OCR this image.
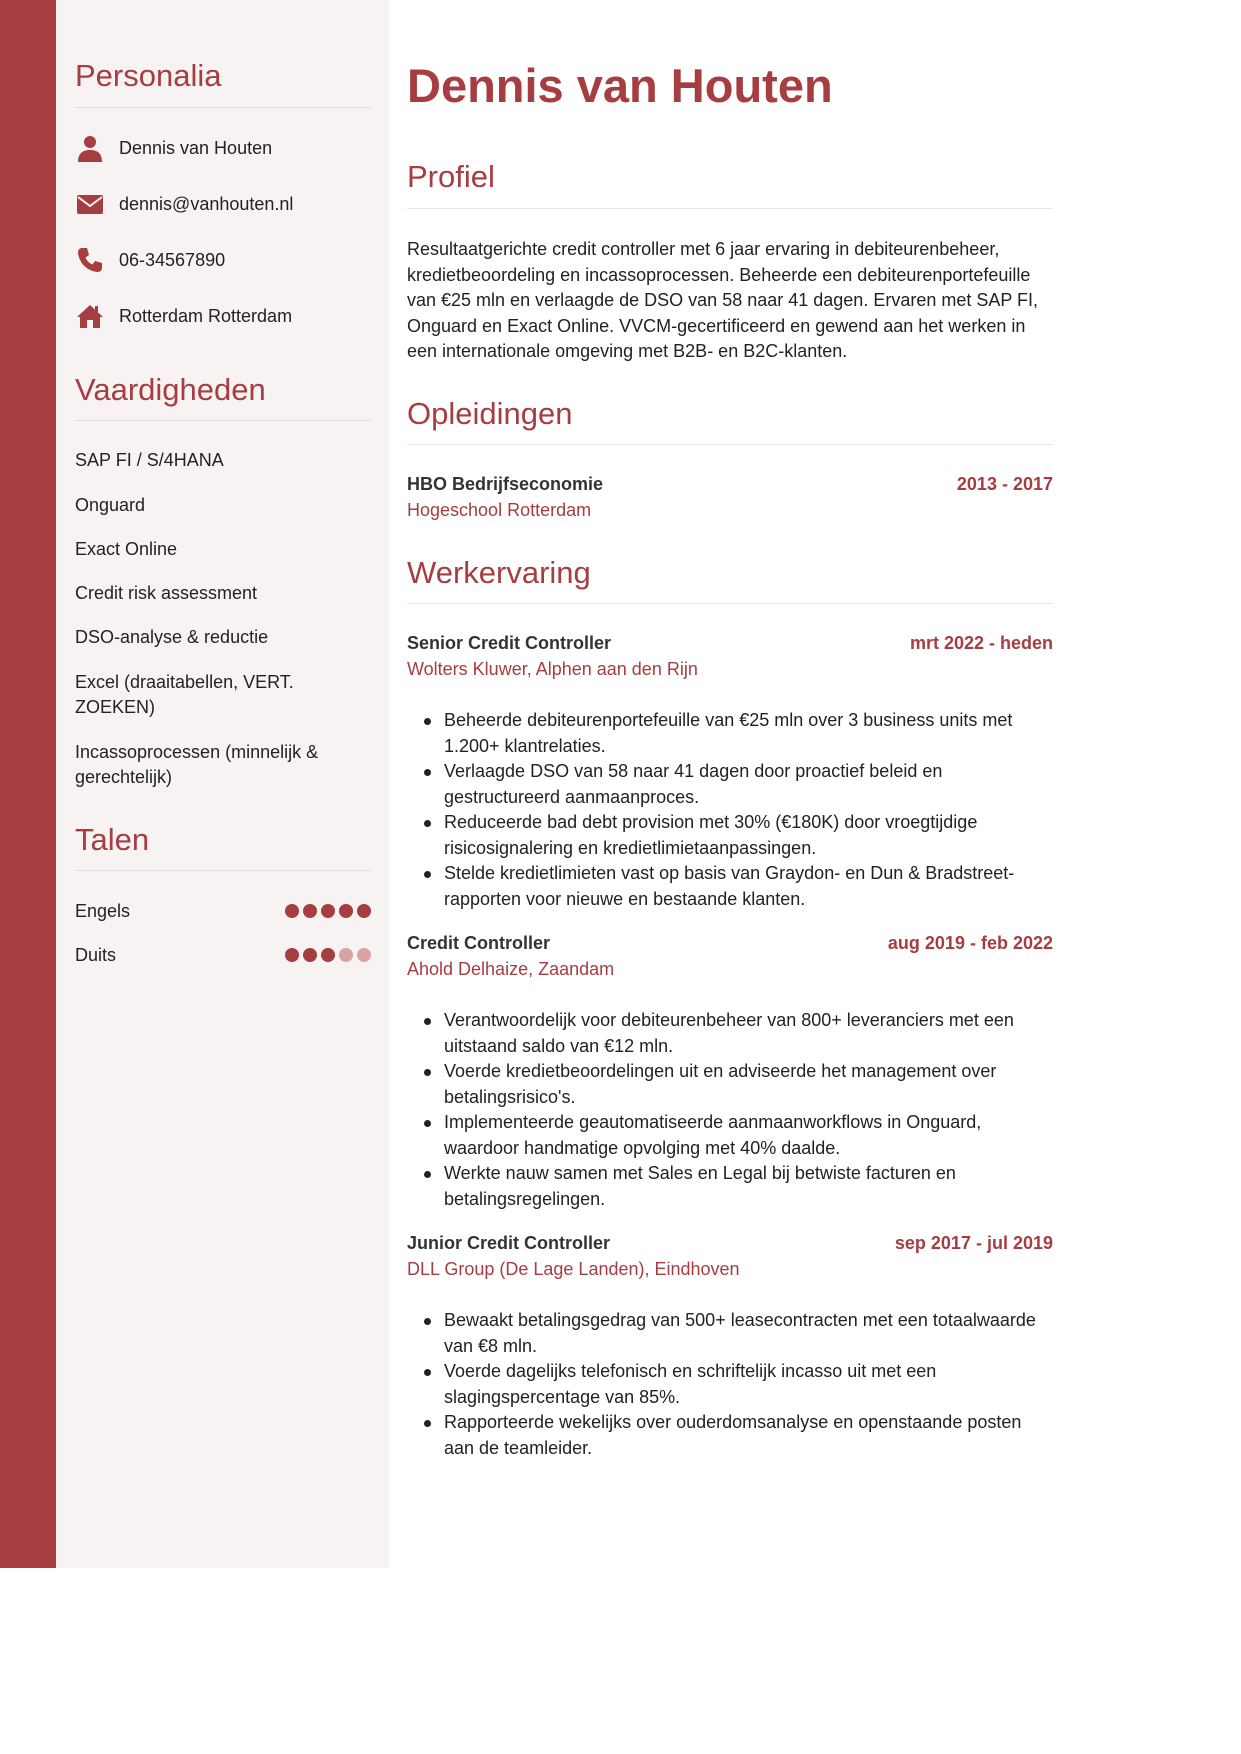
Personalia
Dennis van Houten
dennis@vanhouten.nl
06-34567890
Rotterdam Rotterdam
Vaardigheden
SAP FI / S/4HANA
Onguard
Exact Online
Credit risk assessment
DSO-analyse & reductie
Excel (draaitabellen, VERT. ZOEKEN)
Incassoprocessen (minnelijk & gerechtelijk)
Talen
Engels
Duits
Dennis van Houten
Profiel

Resultaatgerichte credit controller met 6 jaar ervaring in debiteurenbeheer, kredietbeoordeling en incassoprocessen. Beheerde een debiteurenportefeuille van €25 mln en verlaagde de DSO van 58 naar 41 dagen. Ervaren met SAP FI, Onguard en Exact Online. VVCM-gecertificeerd en gewend aan het werken in een internationale omgeving met B2B- en B2C-klanten.

Opleidingen
HBO Bedrijfseconomie	2013 - 2017
Hogeschool Rotterdam
Werkervaring
Senior Credit Controller	mrt 2022 - heden
Wolters Kluwer, Alphen aan den Rijn
Beheerde debiteurenportefeuille van €25 mln over 3 business units met 1.200+ klantrelaties.
Verlaagde DSO van 58 naar 41 dagen door proactief beleid en gestructureerd aanmaanproces.
Reduceerde bad debt provision met 30% (€180K) door vroegtijdige risicosignalering en kredietlimietaanpassingen.
Stelde kredietlimieten vast op basis van Graydon- en Dun & Bradstreet-rapporten voor nieuwe en bestaande klanten.
Credit Controller	aug 2019 - feb 2022
Ahold Delhaize, Zaandam
Verantwoordelijk voor debiteurenbeheer van 800+ leveranciers met een uitstaand saldo van €12 mln.
Voerde kredietbeoordelingen uit en adviseerde het management over betalingsrisico's.
Implementeerde geautomatiseerde aanmaanworkflows in Onguard, waardoor handmatige opvolging met 40% daalde.
Werkte nauw samen met Sales en Legal bij betwiste facturen en betalingsregelingen.
Junior Credit Controller	sep 2017 - jul 2019
DLL Group (De Lage Landen), Eindhoven
Bewaakt betalingsgedrag van 500+ leasecontracten met een totaalwaarde van €8 mln.
Voerde dagelijks telefonisch en schriftelijk incasso uit met een slagingspercentage van 85%.
Rapporteerde wekelijks over ouderdomsanalyse en openstaande posten aan de teamleider.
